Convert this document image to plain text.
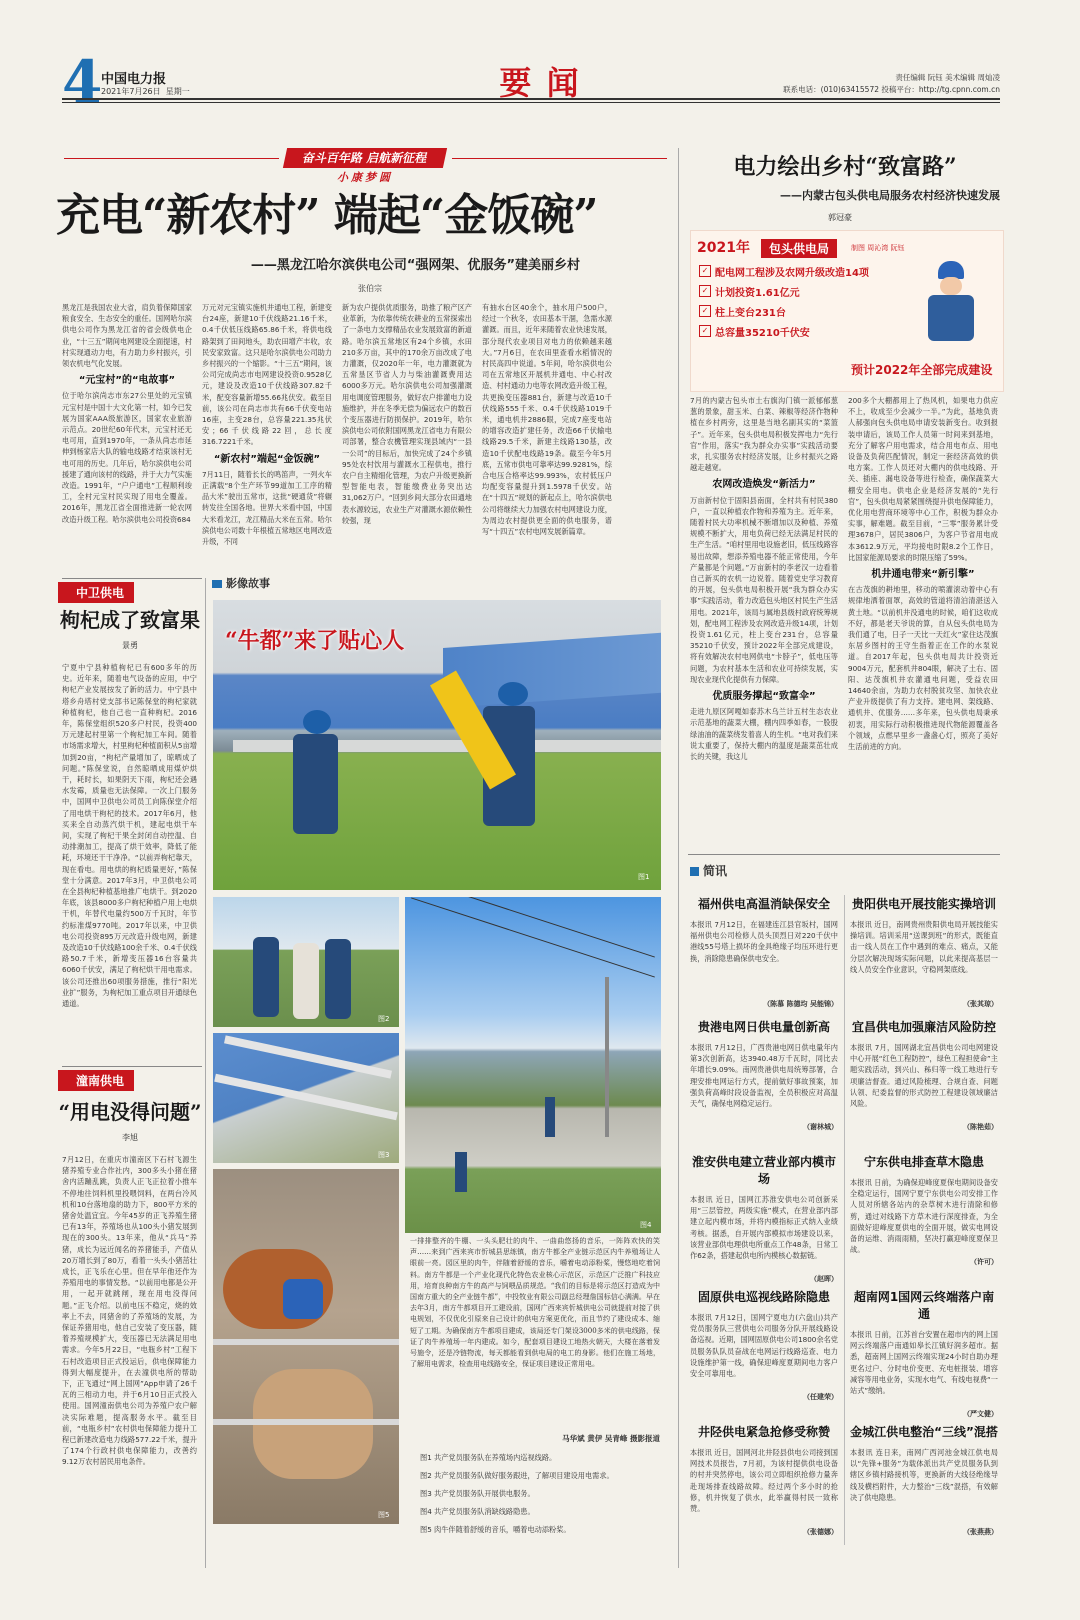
4
中国电力报
2021年7月26日 星期一	要 闻	责任编辑 阮钰 美术编辑 周灿凌
联系电话：(010)63415572 投稿平台：http://tg.cpnn.com.cn
奋斗百年路 启航新征程
小康梦圆
充电“新农村” 端起“金饭碗”
——黑龙江哈尔滨供电公司“强网架、优服务”建美丽乡村
张伯宗
黑龙江是我国农业大省，肩负着保障国家粮食安全、生态安全的重任。国网哈尔滨供电公司作为黑龙江省的省会级供电企业，“十三五”期间电网建设全面提速，村村实现通动力电，有力助力乡村振兴，引领农机电气化发展。
“元宝村”的“电故事”
位于哈尔滨尚志市东27公里处的元宝镇元宝村是中国十大文化第一村，如今已发展为国家AAA级旅游区，国家农业旅游示范点。20世纪60年代末，元宝村还无电可用，直到1970年，一条从尚志市延伸到杨家店大队的输电线路才结束该村无电可用的历史。几年后，哈尔滨供电公司援建了通向该村的线路，并于大力气实施改造。1991年，“户户通电”工程顺利竣工，全村元宝村民实现了用电全覆盖。2016年，黑龙江省全面推进新一轮农网改造升级工程。哈尔滨供电公司投资684
万元对元宝镇实施机井通电工程，新建变台24座，新建10千伏线路21.16千米，0.4千伏低压线路65.86千米，将供电线路架到了田间地头，助农田增产丰收，农民安家致富。这只是哈尔滨供电公司助力乡村振兴的一个缩影。“十三五”期间，该公司完成尚志市电网建设投资0.9528亿元，建设及改造10千伏线路307.82千米，配变容量新增55.66兆伏安。截至目前，该公司在尚志市共有66千伏变电站16座，主变28台，总容量221.35兆伏安；66千伏线路22回，总长度316.7221千米。
“新农村”端起“金饭碗”
7月11日，随着长长的鸣笛声，一列火车正满载“8个生产环节99道加工工序的精品大米”驶出五常市，这批“硬通货”将辗转发往全国各地。世界大米看中国，中国大米看龙江，龙江精品大米在五常。哈尔滨供电公司数十年根植五常地区电网改造升级，不同
新为农户提供优质服务，助推了粮产区产业革新，为依靠传统农耕业的五常探索出了一条电力支撑精品农业发展致富的新道路。哈尔滨五常地区有24个乡镇，水田210多万亩，其中的170余万亩改成了电力灌溉，仅2020年一年，电力灌溉就为五常垦区节省人力与柴油灌溉费用达6000多万元。哈尔滨供电公司加强灌溉用电调度管理服务，做好农户排灌电力设施维护，并在冬季无偿为偏远农户的数百个变压器进行防损保护。2019年，哈尔滨供电公司依附国网黑龙江省电力有限公司部署，整合农機管理实现县域内“一县一公司”的目标后，加快完成了24个乡镇95处农村饮用与灌溉水工程供电，推行农户自主精细化管理，为农户升级更换新型智能电表，智能缴费业务突出达31,062万户。“回到乡间大部分农田通地表水源较远，农业生产对灌溉水源依赖性较强，现
有抽水台区40余个，抽水用户500户，经过一个秋冬，农田基本干涸，急需水源灌溉。而且，近年来随着农业快速发展，部分现代农业项目对电力的依赖越来越大。”7月6日，在农田里查看水稻情况的村民高四中说道。5年间，哈尔滨供电公司在五常地区开展机井通电、中心村改造、村村通动力电等农网改造升级工程，共更换变压器881台，新建与改造10千伏线路555千米、0.4千伏线路1019千米，通电机井2886眼，完成7座变电站的增容改造扩建任务，改造66千伏输电线路29.5千米，新建主线路130基，改造10千伏配电线路19条。截至今年5月底，五常市供电可靠率达99.9281%，综合电压合格率达99.993%，农村低压户均配变容量提升到1.5978千伏安。站在“十四五”规划的新起点上，哈尔滨供电公司将继续大力加强农村电网建设力度，为周边农村提供更全面的供电服务，谱写“十四五”农村电网发展新篇章。
中卫供电
枸杞成了致富果
景勇
宁夏中宁县种植枸杞已有600多年的历史。近年来，随着电气设备的应用，中宁枸杞产业发展按发了新的活力。中宁县中塔乡舟塔村党支部书记陈保堂的枸杞家就种植枸杞，他自己也一直种枸杞。2016年，陈保堂组织520多户村民，投资400万元建起村里第一个枸杞加工车间。随着市场需求增大，村里枸杞种植面积从5亩增加到20亩，“枸杞产量增加了，晾晒成了问题。”陈保堂说，自然晾晒成用煤炉烘干，耗时长，如果阴天下雨，枸杞还会遇水发霉，质量也无法保障。一次上门服务中，国网中卫供电公司员工向陈保堂介绍了用电烘干枸杞的技术。2017年6月，他买来全自动蒸汽烘干机，建起电烘干车间，实现了枸杞干果全封闭自动控温、自动排潮加工，提高了烘干效率，降低了能耗，环境还干干净净。“以前弄枸杞靠天，现在看电。用电烘的枸杞质量更好，”陈保堂十分满意。2017年3月，中卫供电公司在全县枸杞种植基地推广电烘干。到2020年底，该县8000多户枸杞种植户用上电烘干机，年替代电量约500万千瓦时，年节约标准煤9770吨。2017年以来，中卫供电公司投资895万元改造升级电网，新建及改造10千伏线路100余千米、0.4千伏线路50.7千米，新增变压器16台容量共6060千伏安，满足了枸杞烘干用电需求。该公司还推出60项服务措施，推行“阳光业扩”服务，为枸杞加工重点项目开通绿色通道。
潼南供电
“用电没得问题”
李旭
7月12日，在重庆市潼南区下石村飞源生猪养殖专业合作社内，300多头小猪在猪舍内活蹦乱跳，负责人正飞正拉着小推车不停地往饲料机里投喂饲料，在两台冷风机和10台落地扇的助力下，800平方米的猪舍处温宜宜。今年45岁的正飞养殖生猪已有13年，养殖场也从100头小猪发展到现在的300头。13年来，他从“兵马”养猪，成长为远近闻名的养猪能手，产值从20万增长到了80万，看着一头头小猪茁壮成长，正飞乐在心里。但在早年他还作为养殖用电的事情发愁。“以前用电都是公开用，一起开就跳闸，现在用电没得问题。”正飞介绍。以前电压不稳定，烧的效率上不去，同猪舍的了养殖场的发展，为保证养猪用电，他自己安装了变压器，随着养殖规模扩大，变压器已无法满足用电需求。今年5月22日，“电瓶乡村”工程下石村改造项目正式投运后，供电保障能力得到大幅度提升，在去潼供电所的帮助下，正飞通过“网上国网”App申请了26千瓦的三相动力电，并于6月10日正式投入使用。国网潼南供电公司为养殖户农户解决实际难题，提高服务水平。截至目前，“电瓶乡村”农村供电保障能力提升工程已新建改造电力线路577.22千米，提升了174个行政村供电保障能力，改善约9.12万农村居民用电条件。
影像故事
“牛都”来了贴心人
图1
图2
图3
图4
图5
一排排整齐的牛棚、一头头肥壮的肉牛、一曲曲悠扬的音乐，一阵阵欢快的笑声……来到广西来宾市忻城县思练镇，南方牛都全产业链示范区内牛养殖场让人眼前一亮。园区里的肉牛，伴随着舒缓的音乐，嚼着电动添粉桨，慢悠地吃着饲料。南方牛都是一个产业化现代化特色农业核心示范区，示范区广泛推广科技应用，培育良种南方牛的高产与饲喂品质规范。“我们的目标是将示范区打造成为中国南方重大的全产业链牛都”，中投牧业有限公司副总经理詹国标信心满满。早在去年3月，南方牛都项目开工建设前，国网广西来宾忻城供电公司就提前对接了供电规划，不仅优化引原来自己设计的供电方案更优化，而且节约了建设成本、缩短了工期。为确保南方牛都项目建成，该局还专门架设3000多米的供电线路，保证了肉牛养殖场一年内建成。如今，配套项目建设工地热火朝天，大楼在落着发号施令，还是冷链物流，每天都能看到供电局的电工的身影。他们在施工场地，了解用电需求，检查用电线路安全，保证项目建设正常用电。
马华斌 黄伊 吴青峰 摄影报道
图1 共产党员服务队在养殖场内巡视线路。
图2 共产党员服务队做好服务跟进，了解项目建设用电需求。
图3 共产党员服务队开展供电服务。
图4 共产党员服务队消缺线路隐患。
图5 肉牛伴随着舒缓的音乐，嚼着电动添粉桨。
电力绘出乡村“致富路”
——内蒙古包头供电局服务农村经济快速发展
郭冠豪
2021年	包头供电局	制图 周沁湾 阮钰
✓ 配电网工程涉及农网升级改造14项
✓ 计划投资1.61亿元
✓ 柱上变台231台
✓ 总容量35210千伏安
预计2022年全部完成建设
7月的内蒙古包头市土右旗沟门镇一派郁郁葱葱的景象，甜玉米、白菜、辣椒等经济作物种植在乡村两旁，这里是当地名副其实的“菜篮子”。近年来，包头供电局积极发挥电力“先行官”作用，落实“我为群众办实事”实践活动要求，扎实服务农村经济发展，让乡村振兴之路越走越宽。
农网改造焕发“新活力”
万亩新村位于固阳县南面，全村共有村民380户，一直以种植农作物和养殖为主。近年来，随着村民大功率机械不断增加以及种植、养殖规模不断扩大，用电负荷已经无法满足村民的生产生活。“咱村里用电设施老旧，低压线路容易出故障，想添养殖电器不能正常使用，今年产量都是个问题。”万亩新村的李老汉一边看着自己新买的农机一边说着。随着党史学习教育的开展，包头供电局积极开展“我为群众办实事”实践活动，着力改造包头地区村民生产生活用电。2021年，该局与属地县级村政府统筹规划，配电网工程涉及农网改造升级14项，计划投资1.61亿元，柱上变台231台，总容量35210千伏安，预计2022年全部完成建设，将有效解决农村电网供电“卡脖子”，低电压等问题，为农村基本生活和农业可持续发展，实现农业现代化提供有力保障。
优质服务撑起“致富伞”
走进九原区阿嘎如泰苏木乌兰计五村生态农业示范基地的蔬菜大棚，棚内四季如春，一股股绿油油的蔬菜绕发着喜人的生机。“电对我们来说太重要了，保持大棚内的温度是蔬菜茁壮成长的关键，我这儿
200多个大棚都用上了热风机，如果电力供应不上，收成至少会减少一半。”为此，基地负责人郝强向包头供电局申请安装新变台。收到报装申请后，该局工作人员第一时间来到基地，充分了解客户用电需求，结合用电布点、用电设备及负荷匹配情况，制定一套经济高效的供电方案。工作人员还对大棚内的供电线路、开关、插座、漏电设备等进行检查，确保蔬菜大棚安全用电。供电企业是经济发展的“先行官”，包头供电局紧紧围绕提升供电保障能力，优化用电营商环境等中心工作，积极为群众办实事，解难题。截至目前，“三零”服务累计受理3678户，居民3806户，为客户节省用电成本3612.9万元，平均接电时限8.2个工作日，比国家能源局要求的时限压缩了59%。
机井通电带来“新引擎”
在古茂旗的耕地里，移动的喷灌滚动着中心有规律地洒着面罩，高效的管道将清泊清湛送入黄土地。“以前机井没通电的时候，咱们这收成不好，都是老天爷说的算，自从包头供电局为我们通了电，日子一天比一天红火”家住达茂旗东居乡图村的王守生指着正在工作的水泵说道。自2017年起，包头供电局共计投资近9004万元，配套机井804眼，解决了土右、固阳、达茂旗机井农灌通电问题，受益农田14640余亩，为助力农村脱贫攻坚、加快农业产业升级提供了有力支持。建电网、架线路、通机井、优服务……多年来，包头供电局秉承初衷，用实际行动积极推进现代物能源覆盖各个领域，点燃早里乡一盏盏心灯，照亮了美好生活前进的方向。
简讯
福州供电高温消缺保安全
本报讯 7月12日，在福建连江县官坂村，国网福州供电公司检修人员头顶烈日对220千伏中港线55号塔上损坏的金具绝缘子均压环进行更换，消除隐患确保供电安全。
（陈慕 陈德均 吴能锦）
贵阳供电开展技能实操培训
本报讯 近日，南网贵州贵阳供电局开展技能实操培训。培训采用“送课到班”的形式，既能直击一线人员在工作中遇到的难点、痛点，又能分层次解决现场实际问题，以此来提高基层一线人员安全作业意识，守稳网架底线。
（张其琼）
贵港电网日供电量创新高
本报讯 7月12日，广西贵港电网日供电量年内第3次创新高，达3940.48万千瓦时，同比去年增长9.09%。南网贵港供电局统筹部署，合理安排电网运行方式，提前做好事故预案，加强负荷高峰时段设备监视，全员积极应对高温天气，确保电网稳定运行。
（谢林城）
宜昌供电加强廉洁风险防控
本报讯 7月，国网湖北宜昌供电公司电网建设中心开展“红色工程防控”，绿色工程担使命”主题实践活动，到兴山、秭归等一线工地进行专项廉洁督查。通过风险梳理、合规自查、问题认领、纪委监督的形式防控工程建设领域廉洁风险。
（陈艳茹）
淮安供电建立营业部内模市场
本报讯 近日，国网江苏淮安供电公司创新采用“三层管控，两级实施”模式，在营业部内部建立起内模市场，并将内模指标正式纳入业绩考核。据悉，自开展内部模拟市场建设以来，该营业部供电理供电所重点工作48条，日常工作62条，搭建起供电所内模核心数据链。
（赵晖）
宁东供电排查草木隐患
本报讯 日前，为确保迎峰度夏保电期间设备安全稳定运行，国网宁夏宁东供电公司安排工作人员对所辖各站内的杂草树木进行清除和修剪，通过对线路下方草木进行深度排查，为全面做好迎峰度夏供电的全面开展，做实电网设备的运维、消雨雨精，坚决打赢迎峰度夏保卫战。
（许可）
固原供电巡视线路除隐患
本报讯 7月12日，国网宁夏电力(六盘山)共产党员服务队三营供电公司服务分队开展线路设备巡视。近期，国网固原供电公司1800余名党员服务队队员奋战在电网运行线路巡查、电力设施维护第一线，确保迎峰度夏期间电力客户安全可靠用电。
（任建荣）
超南网1国网云终端落户南通
本报讯 日前，江苏首台安置在超市内的网上国网云终端落户南通如皋长江镇好润多超市。据悉，超南网上国网云终端实现24小时自助办理更名过户、分时电价变更、充电桩报装、增容减容等用电业务，实现水电气、有线电视费“一站式”缴纳。
（严文健）
井陉供电紧急抢修受称赞
本报讯 近日，国网河北井陉县供电公司接到国网技术员报告，7月初，为该村提供供电设备的村并突然停电，该公司立即组织抢修力量奔赴现场排查线路故障。经过两个多小时的抢修，机井恢复了供水，此举赢得村民一致称赞。
（张德娜）
金城江供电整治“三线”混搭
本报讯 连日来，南网广西河池金城江供电局以“先锋+服务”为载体派出共产党员服务队到辖区乡镇村路接机等，更换新的大线径绝缘导线及横档附件，大力整治“三线”混搭，有效解决了供电隐患。
（张燕燕）
